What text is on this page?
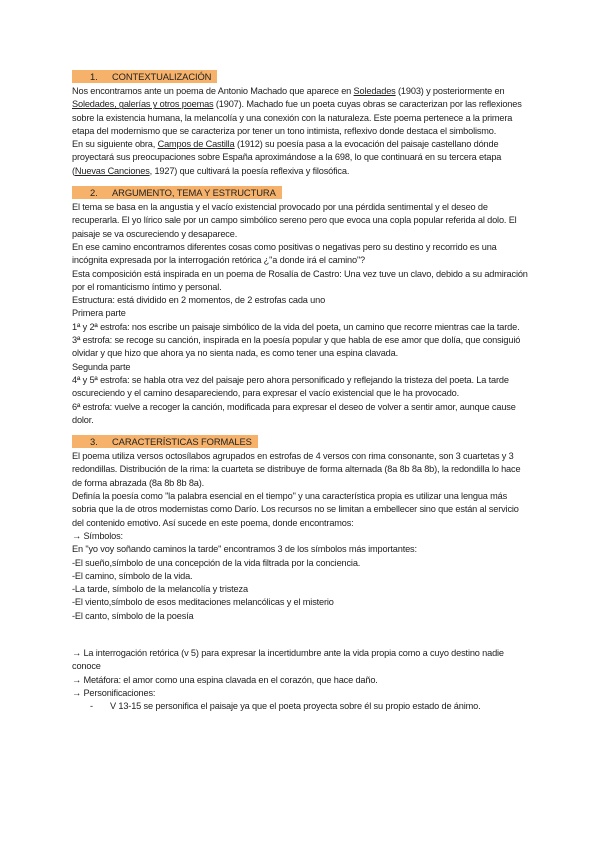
1. CONTEXTUALIZACIÓN

Nos encontramos ante un poema de Antonio Machado que aparece en Soledades (1903) y posteriormente en Soledades, galerías y otros poemas (1907). Machado fue un poeta cuyas obras se caracterizan por las reflexiones sobre la existencia humana, la melancolía y una conexión con la naturaleza. Este poema pertenece a la primera etapa del modernismo que se caracteriza por tener un tono intimista, reflexivo donde destaca el simbolismo.

En su siguiente obra, Campos de Castilla (1912) su poesía pasa a la evocación del paisaje castellano dónde proyectará sus preocupaciones sobre España aproximándose a la 698, lo que continuará en su tercera etapa (Nuevas Canciones, 1927) que cultivará la poesía reflexiva y filosófica.

2. ARGUMENTO, TEMA Y ESTRUCTURA

El tema se basa en la angustia y el vacío existencial provocado por una pérdida sentimental y el deseo de recuperarla. El yo lírico sale por un campo simbólico sereno pero que evoca una copla popular referida al dolo. El paisaje se va oscureciendo y desaparece.

En ese camino encontramos diferentes cosas como positivas o negativas pero su destino y recorrido es una incógnita expresada por la interrogación retórica ¿"a donde irá el camino"?

Esta composición está inspirada en un poema de Rosalía de Castro: Una vez tuve un clavo, debido a su admiración por el romanticismo íntimo y personal.

Estructura: está dividido en 2 momentos, de 2 estrofas cada uno

Primera parte

1ª y 2ª estrofa: nos escribe un paisaje simbólico de la vida del poeta, un camino que recorre mientras cae la tarde.

3ª estrofa: se recoge su canción, inspirada en la poesía popular y que habla de ese amor que dolía, que consiguió olvidar y que hizo que ahora ya no sienta nada, es como tener una espina clavada.

Segunda parte

4ª y 5ª estrofa: se habla otra vez del paisaje pero ahora personificado y reflejando la tristeza del poeta. La tarde oscureciendo y el camino desapareciendo, para expresar el vacío existencial que le ha provocado.

6ª estrofa: vuelve a recoger la canción, modificada para expresar el deseo de volver a sentir amor, aunque cause dolor.

3. CARACTERÍSTICAS FORMALES

El poema utiliza versos octosílabos agrupados en estrofas de 4 versos con rima consonante, son 3 cuartetas y 3 redondillas. Distribución de la rima: la cuarteta se distribuye de forma alternada (8a 8b 8a 8b), la redondilla lo hace de forma abrazada (8a 8b 8b 8a).

Definía la poesía como "la palabra esencial en el tiempo" y una característica propia es utilizar una lengua más sobria que la de otros modernistas como Darío. Los recursos no se limitan a embellecer sino que están al servicio del contenido emotivo. Así sucede en este poema, donde encontramos:

→ Símbolos:

En "yo voy soñando caminos la tarde" encontramos 3 de los símbolos más importantes:

-El sueño,símbolo de una concepción de la vida filtrada por la conciencia.

-El camino, símbolo de la vida.

-La tarde, símbolo de la melancolía y tristeza

-El viento,símbolo de esos meditaciones melancólicas y el misterio

-El canto, símbolo de la poesía

→ La interrogación retórica (v 5) para expresar la incertidumbre ante la vida propia como a cuyo destino nadie conoce

→ Metáfora: el amor como una espina clavada en el corazón, que hace daño.

→ Personificaciones:

- V 13-15 se personifica el paisaje ya que el poeta proyecta sobre él su propio estado de ánimo.
